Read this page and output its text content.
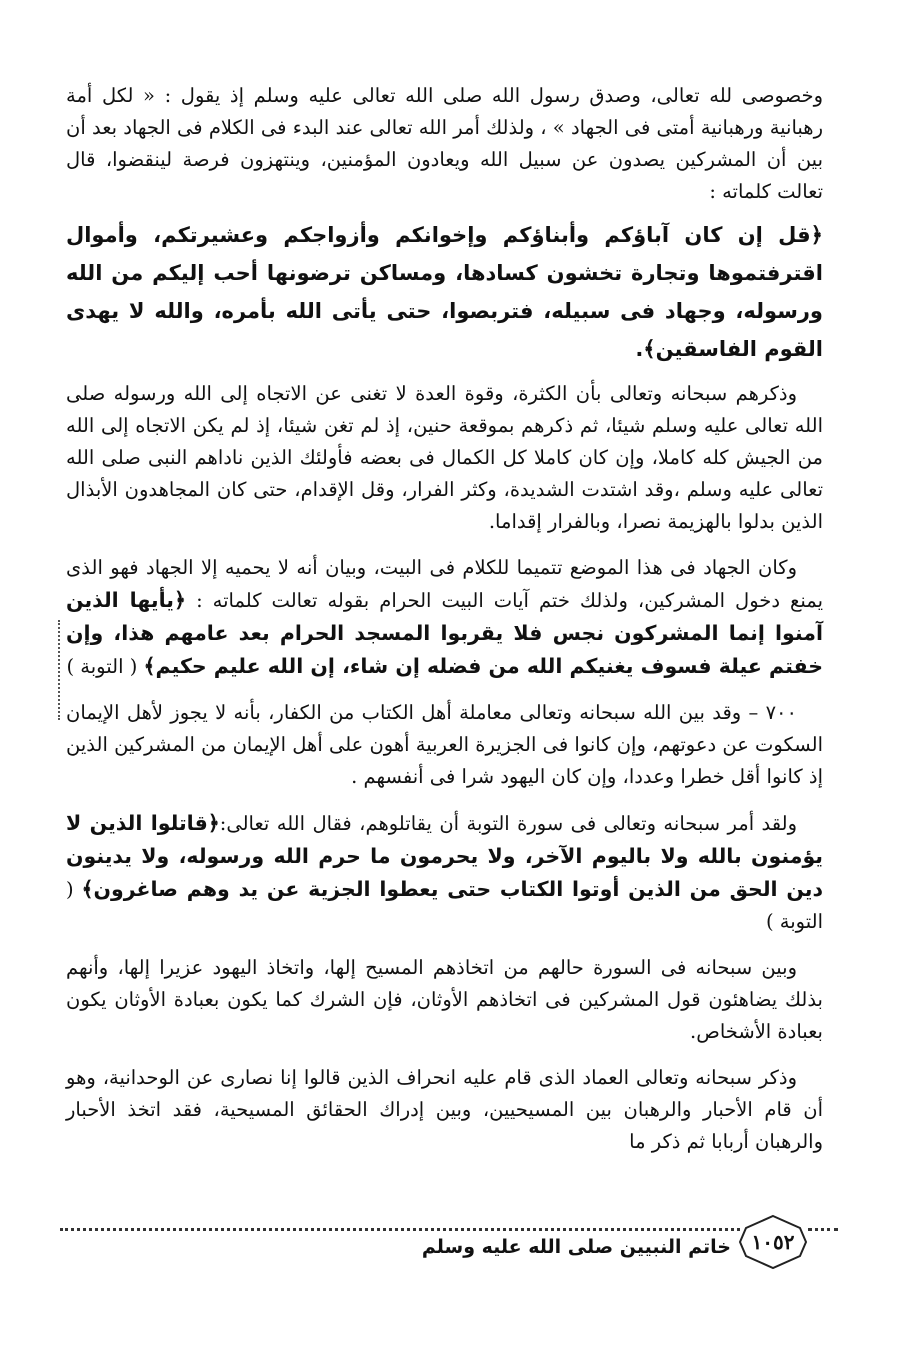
وخصوصى لله تعالى، وصدق رسول الله صلى الله تعالى عليه وسلم إذ يقول : « لكل أمة رهبانية ورهبانية أمتى فى الجهاد » ، ولذلك أمر الله تعالى عند البدء فى الكلام فى الجهاد بعد أن بين أن المشركين يصدون عن سبيل الله ويعادون المؤمنين، وينتهزون فرصة لينقضوا، قال تعالت كلماته :

﴿قل إن كان آباؤكم وأبناؤكم وإخوانكم وأزواجكم وعشيرتكم، وأموال اقترفتموها وتجارة تخشون كسادها، ومساكن ترضونها أحب إليكم من الله ورسوله، وجهاد فى سبيله، فتربصوا، حتى يأتى الله بأمره، والله لا يهدى القوم الفاسقين﴾.

وذكرهم سبحانه وتعالى بأن الكثرة، وقوة العدة لا تغنى عن الاتجاه إلى الله ورسوله صلى الله تعالى عليه وسلم شيئا، ثم ذكرهم بموقعة حنين، إذ لم تغن شيئا، إذ لم يكن الاتجاه إلى الله من الجيش كله كاملا، وإن كان كاملا كل الكمال فى بعضه فأولئك الذين ناداهم النبى صلى الله تعالى عليه وسلم ،وقد اشتدت الشديدة، وكثر الفرار، وقل الإقدام، حتى كان المجاهدون الأبذال الذين بدلوا بالهزيمة نصرا، وبالفرار إقداما.

وكان الجهاد فى هذا الموضع تتميما للكلام فى البيت، وبيان أنه لا يحميه إلا الجهاد فهو الذى يمنع دخول المشركين، ولذلك ختم آيات البيت الحرام بقوله تعالت كلماته : ﴿يأيها الذين آمنوا إنما المشركون نجس فلا يقربوا المسجد الحرام بعد عامهم هذا، وإن خفتم عيلة فسوف يغنيكم الله من فضله إن شاء، إن الله عليم حكيم﴾ ( التوبة )

٧٠٠ – وقد بين الله سبحانه وتعالى معاملة أهل الكتاب من الكفار، بأنه لا يجوز لأهل الإيمان السكوت عن دعوتهم، وإن كانوا فى الجزيرة العربية أهون على أهل الإيمان من المشركين الذين إذ كانوا أقل خطرا وعددا، وإن كان اليهود شرا فى أنفسهم .

ولقد أمر سبحانه وتعالى فى سورة التوبة أن يقاتلوهم، فقال الله تعالى:﴿قاتلوا الذين لا يؤمنون بالله ولا باليوم الآخر، ولا يحرمون ما حرم الله ورسوله، ولا يدينون دين الحق من الذين أوتوا الكتاب حتى يعطوا الجزية عن يد وهم صاغرون﴾ ( التوبة )

وبين سبحانه فى السورة حالهم من اتخاذهم المسيح إلها، واتخاذ اليهود عزيرا إلها، وأنهم بذلك يضاهئون قول المشركين فى اتخاذهم الأوثان، فإن الشرك كما يكون بعبادة الأوثان يكون بعبادة الأشخاص.

وذكر سبحانه وتعالى العماد الذى قام عليه انحراف الذين قالوا إنا نصارى عن الوحدانية، وهو أن قام الأحبار والرهبان بين المسيحيين، وبين إدراك الحقائق المسيحية، فقد اتخذ الأحبار والرهبان أربابا ثم ذكر ما

١٠٥٢
خاتم النبيين صلى الله عليه وسلم
